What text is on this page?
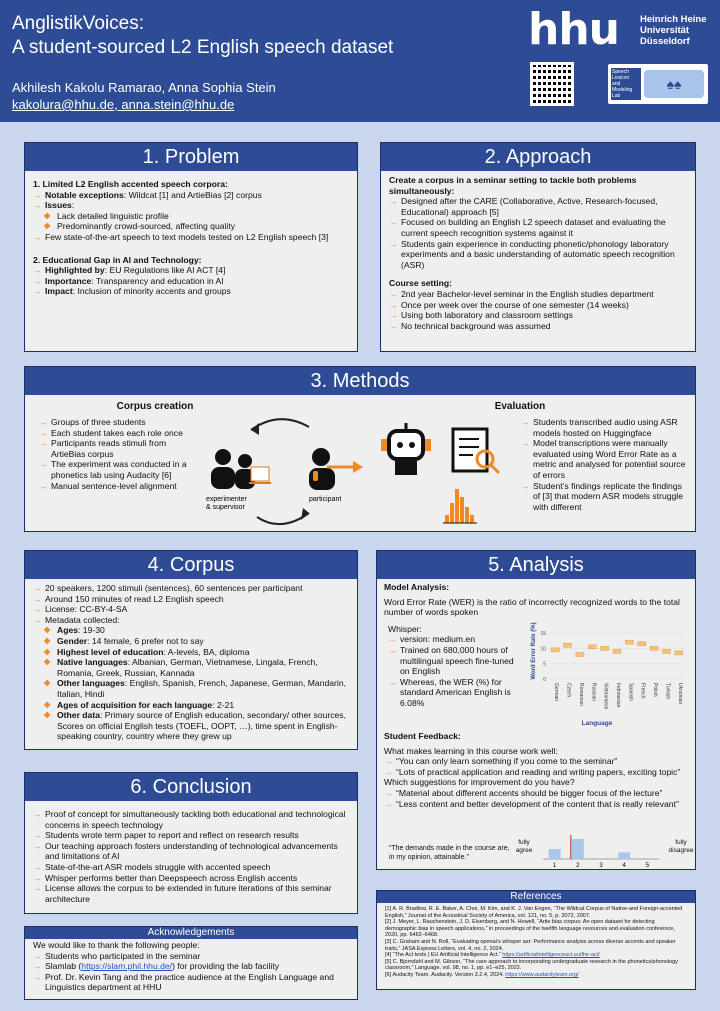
AnglistikVoices:
A student-sourced L2 English speech dataset
Akhilesh Kakolu Ramarao, Anna Sophia Stein
kakolura@hhu.de, anna.stein@hhu.de
hhu Heinrich Heine
Universität
Düsseldorf
Speech
Lexicon
and
Modeling
Lab
♠♠
1. Problem
1. Limited L2 English accented speech corpora:
→ Notable exceptions: Wildcat [1] and ArtieBias [2] corpus
→ Issues:
◆ Lack detailed linguistic profile
◆ Predominantly crowd-sourced, affecting quality
→ Few state-of-the-art speech to text models tested on L2 English speech [3]
2. Educational Gap in AI and Technology:
→ Highlighted by: EU Regulations like AI ACT [4]
→ Importance: Transparency and education in AI
→ Impact: Inclusion of minority accents and groups
2. Approach
Create a corpus in a seminar setting to tackle both problems simultaneously:
→ Designed after the CARE (Collaborative, Active, Research-focused, Educational) approach [5]
→ Focused on building an English L2 speech dataset and evaluating the current speech recognition systems against it
→ Students gain experience in conducting phonetic/phonology laboratory experiments and a basic understanding of automatic speech recognition (ASR)
Course setting:
→ 2nd year Bachelor-level seminar in the English studies department
→ Once per week over the course of one semester (14 weeks)
→ Using both laboratory and classroom settings
→ No technical background was assumed
3. Methods
Corpus creation
→ Groups of three students
→ Each student takes each role once
→ Participants reads stimuli from ArtieBias corpus
→ The experiment was conducted in a phonetics lab using Audacity [6]
→ Manual sentence-level alignment
experimenter
& supervisor
participant
Evaluation
→ Students transcribed audio using ASR models hosted on Huggingface
→ Model transcriptions were manually evaluated using Word Error Rate as a metric and analysed for potential source of errors
→ Student’s findings replicate the findings of [3] that modern ASR models struggle with different
4. Corpus
→ 20 speakers, 1200 stimuli (sentences), 60 sentences per participant
→ Around 150 minutes of read L2 English speech
→ License: CC-BY-4-SA
→ Metadata collected:
◆ Ages: 19-30
◆ Gender: 14 female, 6 prefer not to say
◆ Highest level of education: A-levels, BA, diploma
◆ Native languages: Albanian, German, Vietnamese, Lingala, French, Romania, Greek, Russian, Kannada
◆ Other languages: English, Spanish, French, Japanese, German, Mandarin, Italian, Hindi
◆ Ages of acquisition for each language: 2-21
◆ Other data: Primary source of English education, secondary/ other sources, Scores on official English tests (TOEFL, OOPT, …), time spent in English-speaking country, country where they grew up
5. Analysis
Model Analysis:
Word Error Rate (WER) is the ratio of incorrectly recognized words to the total number of words spoken
Whisper:
→ version: medium.en
→ Trained on 680,000 hours of multilingual speech fine-tuned on English
→ Whereas, the WER (%) for standard American English is 6.08%
Word Error Rate (%)
0
5
10
15
German Czech Romanian Russian Vietnamese Indonesian Spanish French Polish Turkish Ukrainian
Language
Student Feedback:
What makes learning in this course work well:
→ “You can only learn something if you come to the seminar”
→ “Lots of practical application and reading and writing papers, exciting topic”
Which suggestions for improvement do you have?
→ “Material about different accents should be bigger focus of the lecture”
→ “Less content and better development of the content that is really relevant”
“The demands made in the course are, in my opinion, attainable.”
fully agree
fully disagree
1	2	3	4	5
6. Conclusion
→ Proof of concept for simultaneously tackling both educational and technological concerns in speech technology
→ Students wrote term paper to report and reflect on research results
→ Our teaching approach fosters understanding of technological advancements and limitations of AI
→ State-of-the-art ASR models struggle with accented speech
→ Whisper performs better than Deepspeech across English accents
→ License allows the corpus to be extended in future iterations of this seminar architecture
Acknowledgements
We would like to thank the following people:
→ Students who participated in the seminar
→ Slamlab (https://slam.phil.hhu.de/) for providing the lab facility
→ Prof. Dr. Kevin Tang and the practice audience at the English Language and Linguistics department at HHU
References
[1] A. R. Bradlow, R. E. Baker, A. Choi, M. Kim, and K. J. Van Engen, “The Wildcat Corpus of Native-and Foreign-accented English,” Journal of the Acoustical Society of America, vol. 121, no. 5, p. 3072, 2007.
[2] J. Meyer, L. Rauchenstein, J. D. Eisenberg, and N. Howell, “Artie bias corpus: An open dataset for detecting demographic bias in speech applications,” in proceedings of the twelfth language resources and evaluation conference, 2020, pp. 6462–6468.
[3] C. Graham and N. Roll, “Evaluating openai’s whisper asr: Performance analysis across diverse accents and speaker traits,” JASA Express Letters, vol. 4, no. 2, 2024.
[4] “The Act texts | EU Artificial Intelligence Act.” https://artificialintelligenceact.eu/the-act/
[5] C. Bjorndahl and M. Gibson, “The care approach to incorporating undergraduate research in the phonetics/phonology classroom,” Language, vol. 98, no. 1, pp. e1–e25, 2022.
[6] Audacity Team. Audacity. Version 3.2.4, 2024. https://www.audacityteam.org/
